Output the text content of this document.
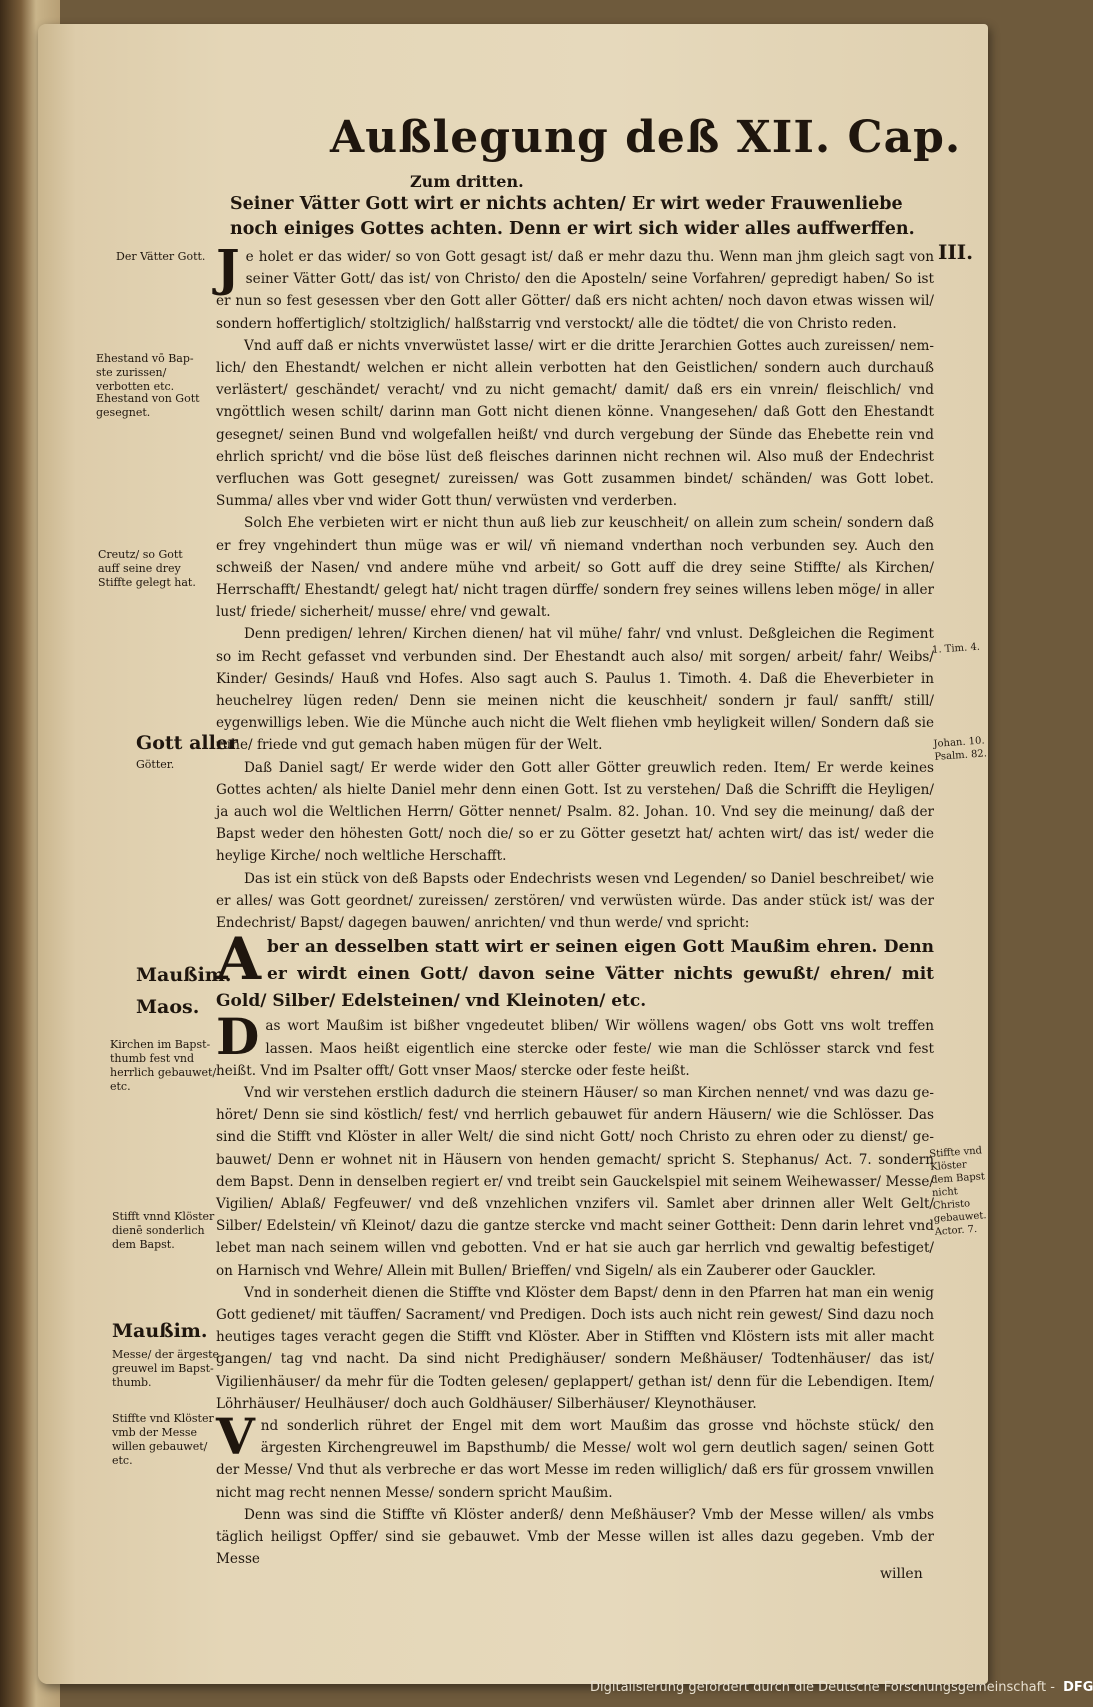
Außlegung deß XII. Cap.
Zum dritten.
Seiner Vätter Gott wirt er nichts achten/ Er wirt weder Frauwenliebe noch einiges Gottes achten. Denn er wirt sich wider alles auffwerffen.
III.

Je holet er das wider/ so von Gott gesagt ist/ daß er mehr dazu thu. Wenn man jhm gleich sagt von seiner Vätter Gott/ das ist/ von Christo/ den die Aposteln/ seine Vorfahren/ gepredigt haben/ So ist er nun so fest gesessen vber den Gott aller Götter/ daß ers nicht achten/ noch davon etwas wissen wil/ sondern hoffertiglich/ stoltziglich/ halßstarrig vnd verstockt/ alle die tödtet/ die von Christo reden.

Vnd auff daß er nichts vnverwüstet lasse/ wirt er die dritte Jerarchien Gottes auch zureissen/ nemlich/ den Ehestandt/ welchen er nicht allein verbotten hat den Geistlichen/ sondern auch durchauß verlästert/ geschändet/ veracht/ vnd zu nicht gemacht/ damit/ daß ers ein vnrein/ fleischlich/ vnd vngöttlich wesen schilt/ darinn man Gott nicht dienen könne. Vnangesehen/ daß Gott den Ehestandt gesegnet/ seinen Bund vnd wolgefallen heißt/ vnd durch vergebung der Sünde das Ehebette rein vnd ehrlich spricht/ vnd die böse lüst deß fleisches darinnen nicht rechnen wil. Also muß der Endechrist verfluchen was Gott gesegnet/ zureissen/ was Gott zusammen bindet/ schänden/ was Gott lobet. Summa/ alles vber vnd wider Gott thun/ verwüsten vnd verderben.

Solch Ehe verbieten wirt er nicht thun auß lieb zur keuschheit/ on allein zum schein/ sondern daß er frey vngehindert thun müge was er wil/ vñ niemand vnderthan noch verbunden sey. Auch den schweiß der Nasen/ vnd andere mühe vnd arbeit/ so Gott auff die drey seine Stiffte/ als Kirchen/ Herrschafft/ Ehestandt/ gelegt hat/ nicht tragen dürffe/ sondern frey seines willens leben möge/ in aller lust/ friede/ sicherheit/ musse/ ehre/ vnd gewalt.

Denn predigen/ lehren/ Kirchen dienen/ hat vil mühe/ fahr/ vnd vnlust. Deßgleichen die Regiment so im Recht gefasset vnd verbunden sind. Der Ehestandt auch also/ mit sorgen/ arbeit/ fahr/ Weibs/ Kinder/ Gesinds/ Hauß vnd Hofes. Also sagt auch S. Paulus 1. Timoth. 4. Daß die Eheverbieter in heuchelrey lügen reden/ Denn sie meinen nicht die keuschheit/ sondern jr faul/ sanfft/ still/ eygenwilligs leben. Wie die Münche auch nicht die Welt fliehen vmb heyligkeit willen/ Sondern daß sie ruhe/ friede vnd gut gemach haben mügen für der Welt.

Daß Daniel sagt/ Er werde wider den Gott aller Götter greuwlich reden. Item/ Er werde keines Gottes achten/ als hielte Daniel mehr denn einen Gott. Ist zu verstehen/ Daß die Schrifft die Heyligen/ ja auch wol die Weltlichen Herrn/ Götter nennet/ Psalm. 82. Johan. 10. Vnd sey die meinung/ daß der Bapst weder den höhesten Gott/ noch die/ so er zu Götter gesetzt hat/ achten wirt/ das ist/ weder die heylige Kirche/ noch weltliche Herschafft.

Das ist ein stück von deß Bapsts oder Endechrists wesen vnd Legenden/ so Daniel beschreibet/ wie er alles/ was Gott geordnet/ zureissen/ zerstören/ vnd verwüsten würde. Das ander stück ist/ was der Endechrist/ Bapst/ dagegen bauwen/ anrichten/ vnd thun werde/ vnd spricht:

Aber an desselben statt wirt er seinen eigen Gott Maußim ehren. Denn er wirdt einen Gott/ davon seine Vätter nichts gewußt/ ehren/ mit Gold/ Silber/ Edelsteinen/ vnd Kleinoten/ etc.

Das wort Maußim ist bißher vngedeutet bliben/ Wir wöllens wagen/ obs Gott vns wolt treffen lassen. Maos heißt eigentlich eine stercke oder feste/ wie man die Schlösser starck vnd fest heißt. Vnd im Psalter offt/ Gott vnser Maos/ stercke oder feste heißt.

Vnd wir verstehen erstlich dadurch die steinern Häuser/ so man Kirchen nennet/ vnd was dazu gehöret/ Denn sie sind köstlich/ fest/ vnd herrlich gebauwet für andern Häusern/ wie die Schlösser. Das sind die Stifft vnd Klöster in aller Welt/ die sind nicht Gott/ noch Christo zu ehren oder zu dienst/ gebauwet/ Denn er wohnet nit in Häusern von henden gemacht/ spricht S. Stephanus/ Act. 7. sondern dem Bapst. Denn in denselben regiert er/ vnd treibt sein Gauckelspiel mit seinem Weihewasser/ Messe/ Vigilien/ Ablaß/ Fegfeuwer/ vnd deß vnzehlichen vnzifers vil. Samlet aber drinnen aller Welt Gelt/ Silber/ Edelstein/ vñ Kleinot/ dazu die gantze stercke vnd macht seiner Gottheit: Denn darin lehret vnd lebet man nach seinem willen vnd gebotten. Vnd er hat sie auch gar herrlich vnd gewaltig befestiget/ on Harnisch vnd Wehre/ Allein mit Bullen/ Brieffen/ vnd Sigeln/ als ein Zauberer oder Gauckler.

Vnd in sonderheit dienen die Stiffte vnd Klöster dem Bapst/ denn in den Pfarren hat man ein wenig Gott gedienet/ mit täuffen/ Sacrament/ vnd Predigen. Doch ists auch nicht rein gewest/ Sind dazu noch heutiges tages veracht gegen die Stifft vnd Klöster. Aber in Stifften vnd Klöstern ists mit aller macht gangen/ tag vnd nacht. Da sind nicht Predighäuser/ sondern Meßhäuser/ Todtenhäuser/ das ist/ Vigilienhäuser/ da mehr für die Todten gelesen/ geplappert/ gethan ist/ denn für die Lebendigen. Item/ Löhrhäuser/ Heulhäuser/ doch auch Goldhäuser/ Silberhäuser/ Kleynothäuser.

Vnd sonderlich rühret der Engel mit dem wort Maußim das grosse vnd höchste stück/ den ärgesten Kirchengreuwel im Bapsthumb/ die Messe/ wolt wol gern deutlich sagen/ seinen Gott der Messe/ Vnd thut als verbreche er das wort Messe im reden williglich/ daß ers für grossem vnwillen nicht mag recht nennen Messe/ sondern spricht Maußim.

Denn was sind die Stiffte vñ Klöster anderß/ denn Meßhäuser? Vmb der Messe willen/ als vmbs täglich heiligst Opffer/ sind sie gebauwet. Vmb der Messe willen ist alles dazu gegeben. Vmb der Messe

willen
Der Vätter Gott.
Ehestand vō Bapste zurissen/ verbotten etc.
Ehestand von Gott gesegnet.
Creutz/ so Gott auff seine drey Stiffte gelegt hat.
Gott aller
Götter.
Maußim.
Maos.
Kirchen im Bapstthumb fest vnd herrlich gebauwet/ etc.
Stifft vnnd Klöster dienē sonderlich dem Bapst.
Maußim.
Messe/ der ärgeste greuwel im Bapstthumb.
Stiffte vnd Klöster vmb der Messe willen gebauwet/ etc.
1. Tim. 4.
Johan. 10. Psalm. 82.
Stiffte vnd Klöster dem Bapst nicht Christo gebauwet. Actor. 7.
Digitalisierung gefördert durch die Deutsche Forschungsgemeinschaft - DFG
